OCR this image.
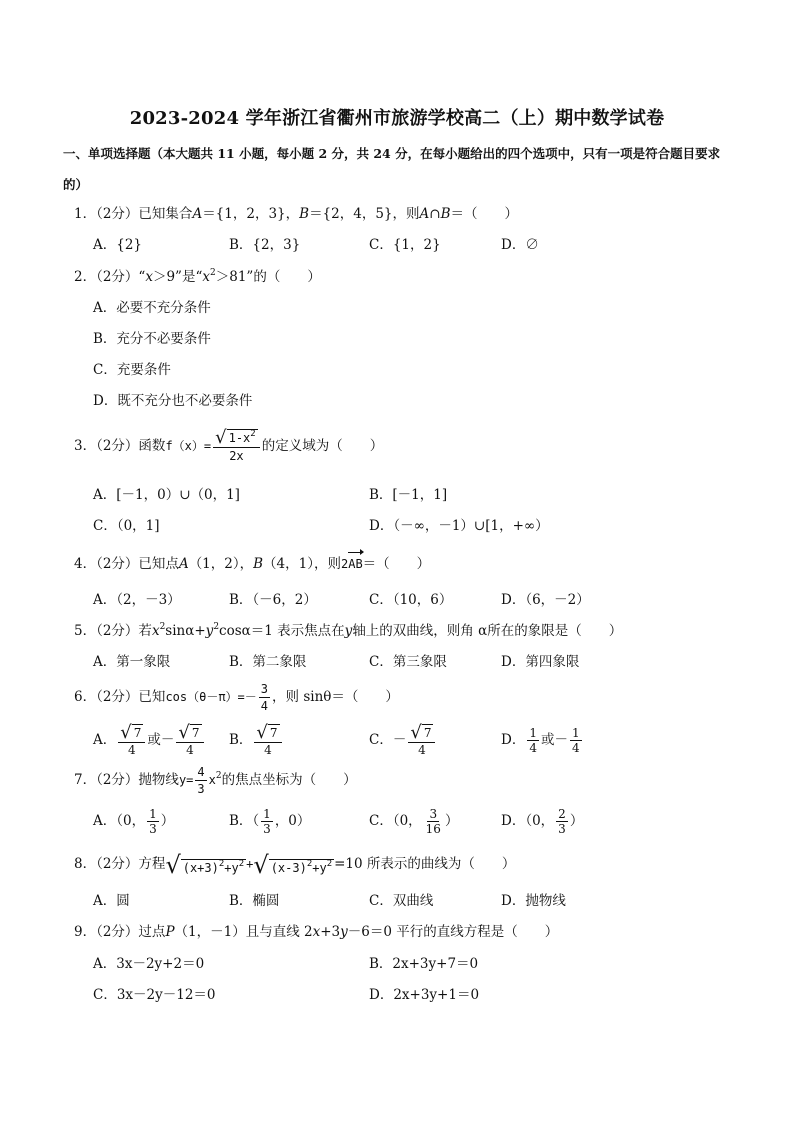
2023-2024 学年浙江省衢州市旅游学校高二（上）期中数学试卷
一、单项选择题（本大题共 11 小题，每小题 2 分，共 24 分，在每小题给出的四个选项中，只有一项是符合题目要求的）
1．（2分）已知集合A＝{1，2，3}，B＝{2，4，5}，则A∩B＝（　　）
A．{2}	B．{2，3}	C．{1，2}	D．∅
2．（2分）“x＞9”是“$x^2>81$”的（　　）
A．必要不充分条件
B．充分不必要条件
C．充要条件
D．既不充分也不必要条件
3．（2分）函数$f(x)= \frac{√ 1-x^2}{2x}$ 的定义域为（　　）
A．[－1，0）∪（0，1]	B．[－1，1]
C．（0，1]	D．（－∞，－1）∪[1，+∞）
4．（2分）已知点A（1，2），B（4，1），则2AB＝（　　）
A．（2，－3）	B．（－6，2）	C．（10，6）	D．（6，－2）
5．（2分）若$x^2\sin\alpha+y^2\cos\alpha=1$ 表示焦点在y轴上的双曲线，则角 α所在的象限是（　　）
A．第一象限	B．第二象限	C．第三象限	D．第四象限
6．（2分）已知$\cos(\theta-\pi)=- \frac{3}{4}$ ，则 sinθ＝（　　）
A． $\frac{√ 7}{4}$ 或－ $\frac{√ 7}{4}$ B． $\frac{√ 7}{4}$	C．－ $\frac{√ 7}{4}$	D． $\frac{1}{4}$ 或－ $\frac{1}{4}$
7．（2分）抛物线$y= \frac{4}{3} x^2$的焦点坐标为（　　）
A．（0， $\frac{1}{3}$ ）	B．（ $\frac{1}{3}$ ，0）	C．（0， $\frac{3}{16}$ ）	D．（0， $\frac{2}{3}$ ）
8．（2分）方程 √ $(x+3)^2+y^2$ + √ $(x-3)^2+y^2 =10$ 所表示的曲线为（　　）
A．圆	B．椭圆	C．双曲线	D．抛物线
9．（2分）过点P（1，－1）且与直线 2x+3y－6＝0 平行的直线方程是（　　）
A．3x－2y+2＝0	B．2x+3y+7＝0
C．3x－2y－12＝0	D．2x+3y+1＝0
